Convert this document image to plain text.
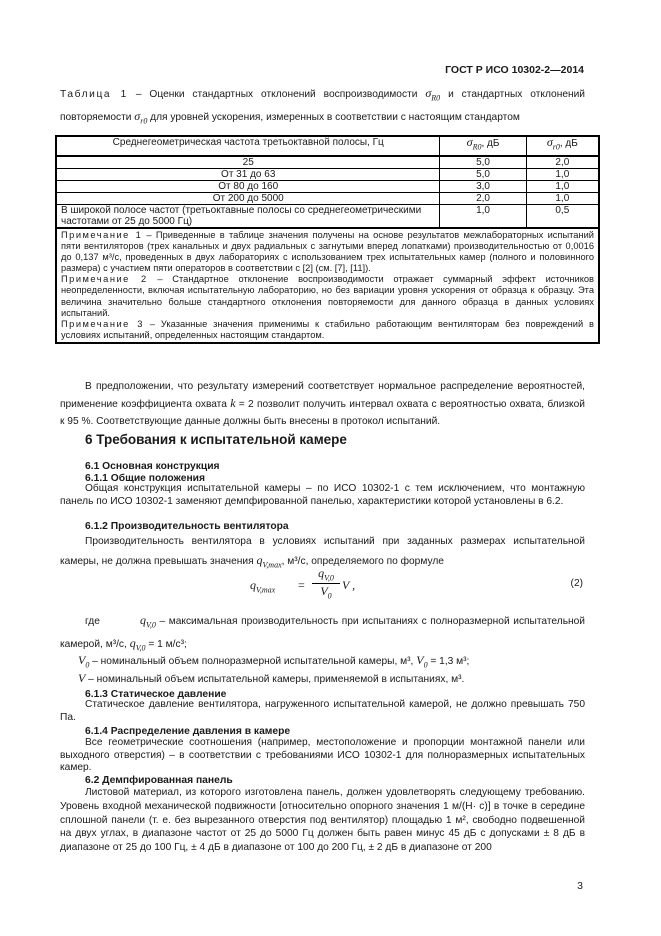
ГОСТ Р ИСО 10302-2—2014
Таблица 1 – Оценки стандартных отклонений воспроизводимости $\sigma_{R0}$ и стандартных отклонений повторяемости $\sigma_{r0}$ для уровней ускорения, измеренных в соответствии с настоящим стандартом
Среднегеометрическая частота третьоктавной полосы, Гц	$\sigma_{R0}$, дБ	$\sigma_{r0}$, дБ
25	5,0	2,0
От 31 до 63	5,0	1,0
От 80 до 160	3,0	1,0
От 200 до 5000	2,0	1,0
В широкой полосе частот (третьоктавные полосы со среднегеометрическими частотами от 25 до 5000 Гц)	1,0	0,5

Примечание 1 – Приведенные в таблице значения получены на основе результатов межлабораторных испытаний пяти вентиляторов (трех канальных и двух радиальных с загнутыми вперед лопатками) производительностью от 0,0016 до 0,137 м³/с, проведенных в двух лабораториях с использованием трех испытательных камер (полного и половинного размера) с участием пяти операторов в соответствии с [2] (см. [7], [11]).
Примечание 2 – Стандартное отклонение воспроизводимости отражает суммарный эффект источников неопределенности, включая испытательную лабораторию, но без вариации уровня ускорения от образца к образцу. Эта величина значительно больше стандартного отклонения повторяемости для данного образца в данных условиях испытаний.
Примечание 3 – Указанные значения применимы к стабильно работающим вентиляторам без повреждений в условиях испытаний, определенных настоящим стандартом.		
В предположении, что результату измерений соответствует нормальное распределение вероятностей, применение коэффициента охвата k = 2 позволит получить интервал охвата с вероятностью охвата, близкой к 95 %. Соответствующие данные должны быть внесены в протокол испытаний.
6 Требования к испытательной камере
6.1 Основная конструкция
6.1.1 Общие положения
Общая конструкция испытательной камеры – по ИСО 10302-1 с тем исключением, что монтажную панель по ИСО 10302-1 заменяют демпфированной панелью, характеристики которой установлены в 6.2.
6.1.2 Производительность вентилятора
Производительность вентилятора в условиях испытаний при заданных размерах испытательной камеры, не должна превышать значения $q_{V,max}$, м³/с, определяемого по формуле
$q_{V,max} = \frac{q_{V,0}}{V_0}$ V ,	(2)
где	$q_{V,0}$ – максимальная производительность при испытаниях с полноразмерной испытательной камерой, м³/с, $q_{V,0} = 1$ м/с³;
$V_0$ – номинальный объем полноразмерной испытательной камеры, м³, $V_0 = 1,3$ м³;
V – номинальный объем испытательной камеры, применяемой в испытаниях, м³.
6.1.3 Статическое давление
Статическое давление вентилятора, нагруженного испытательной камерой, не должно превышать 750 Па.
6.1.4 Распределение давления в камере
Все геометрические соотношения (например, местоположение и пропорции монтажной панели или выходного отверстия) – в соответствии с требованиями ИСО 10302-1 для полноразмерных испытательных камер.
6.2 Демпфированная панель
Листовой материал, из которого изготовлена панель, должен удовлетворять следующему требованию. Уровень входной механической подвижности [относительно опорного значения 1 м/(Н· с)] в точке в середине сплошной панели (т. е. без вырезанного отверстия под вентилятор) площадью 1 м², свободно подвешенной на двух углах, в диапазоне частот от 25 до 5000 Гц должен быть равен минус 45 дБ с допусками ± 8 дБ в диапазоне от 25 до 100 Гц, ± 4 дБ в диапазоне от 100 до 200 Гц, ± 2 дБ в диапазоне от 200
3
